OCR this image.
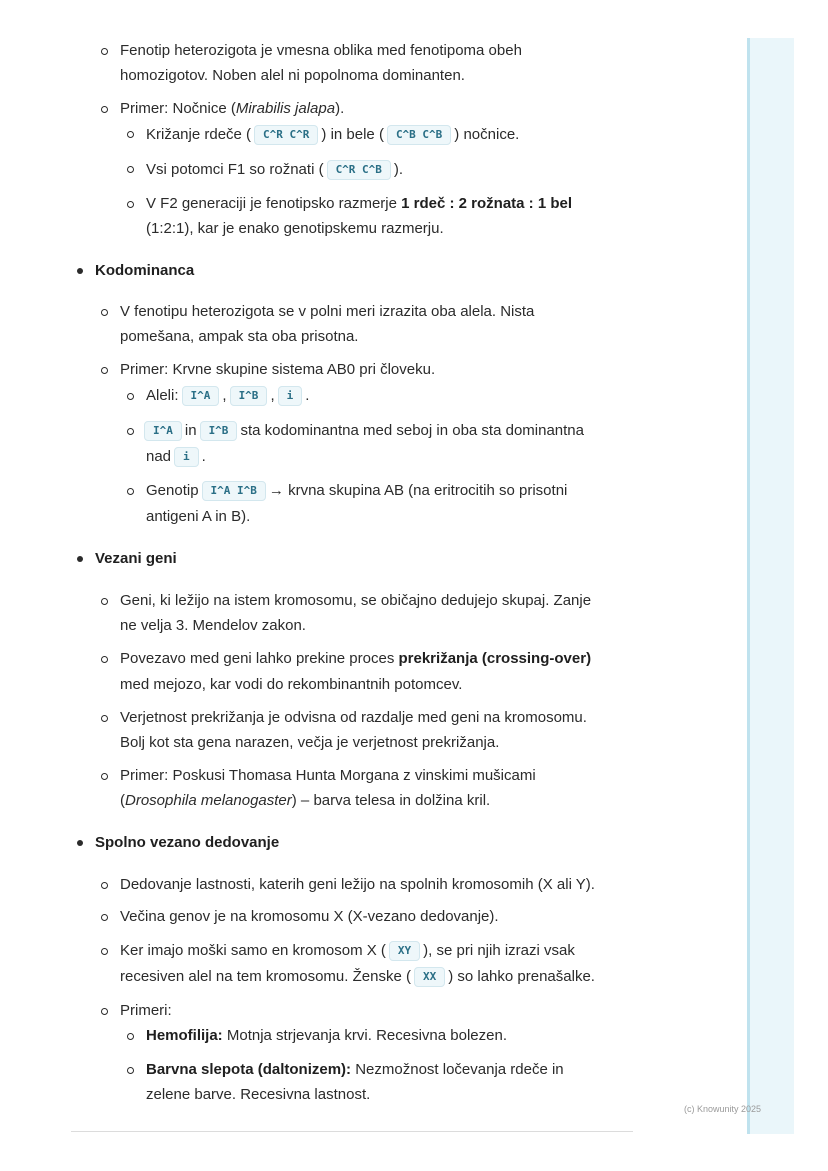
Fenotip heterozigota je vmesna oblika med fenotipoma obeh
homozigotov. Noben alel ni popolnoma dominanten.
Primer: Nočnice ( Mirabilis jalapa ).
Križanje rdeče (	C^R C^R ) in bele (	C^B C^B ) nočnice.
Vsi potomci F1 so rožnati (	C^R C^B ).
V F2 generaciji je fenotipsko razmerje 1 rdeč : 2 rožnata : 1 bel
(1:2:1), kar je enako genotipskemu razmerju.
Kodominanca
V fenotipu heterozigota se v polni meri izrazita oba alela. Nista
pomešana, ampak sta oba prisotna.
Primer: Krvne skupine sistema AB0 pri človeku.
Aleli:	I^A ,	I^B ,	i .
I^A in	I^B sta kodominantna med seboj in oba sta dominantna
nad	i .
Genotip	I^A I^B → krvna skupina AB (na eritrocitih so prisotni
antigeni A in B).
Vezani geni
Geni, ki ležijo na istem kromosomu, se običajno dedujejo skupaj. Zanje
ne velja 3. Mendelov zakon.
Povezavo med geni lahko prekine proces prekrižanja (crossing-over)
med mejozo, kar vodi do rekombinantnih potomcev.
Verjetnost prekrižanja je odvisna od razdalje med geni na kromosomu.
Bolj kot sta gena narazen, večja je verjetnost prekrižanja.
Primer: Poskusi Thomasa Hunta Morgana z vinskimi mušicami
( Drosophila melanogaster ) – barva telesa in dolžina kril.
Spolno vezano dedovanje
Dedovanje lastnosti, katerih geni ležijo na spolnih kromosomih (X ali Y).
Večina genov je na kromosomu X (X-vezano dedovanje).
Ker imajo moški samo en kromosom X (	XY ), se pri njih izrazi vsak
recesiven alel na tem kromosomu. Ženske (	XX ) so lahko prenašalke.
Primeri:
Hemofilija: Motnja strjevanja krvi. Recesivna bolezen.
Barvna slepota (daltonizem): Nezmožnost ločevanja rdeče in
zelene barve. Recesivna lastnost.
(c) Knowunity 2025
